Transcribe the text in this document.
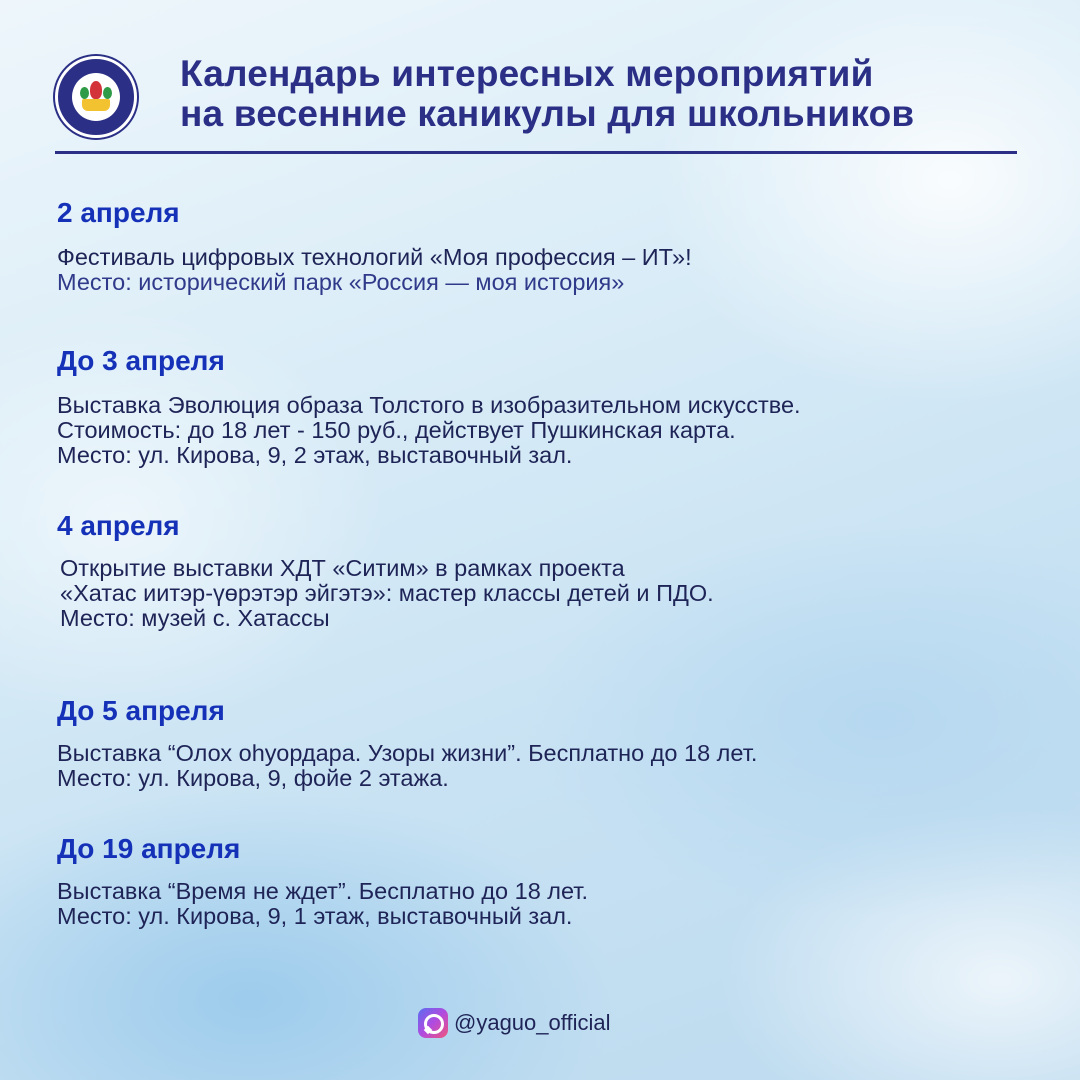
Календарь интересных мероприятий
на весенние каникулы для школьников

2 апреля

Фестиваль цифровых технологий «Моя профессия – ИТ»!

Место: исторический парк «Россия — моя история»

До 3 апреля

Выставка Эволюция образа Толстого в изобразительном искусстве.

Стоимость: до 18 лет - 150 руб., действует Пушкинская карта.

Место: ул. Кирова, 9, 2 этаж, выставочный зал.

4 апреля

Открытие выставки ХДТ «Ситим» в рамках проекта

«Хатас иитэр-үөрэтэр эйгэтэ»: мастер классы детей и ПДО.

Место: музей с. Хатассы

До 5 апреля

Выставка “Олох оһуордара. Узоры жизни”. Бесплатно до 18 лет.

Место: ул. Кирова, 9, фойе 2 этажа.

До 19 апреля

Выставка “Время не ждет”. Бесплатно до 18 лет.

Место: ул. Кирова, 9, 1 этаж, выставочный зал.

@yaguo_official
